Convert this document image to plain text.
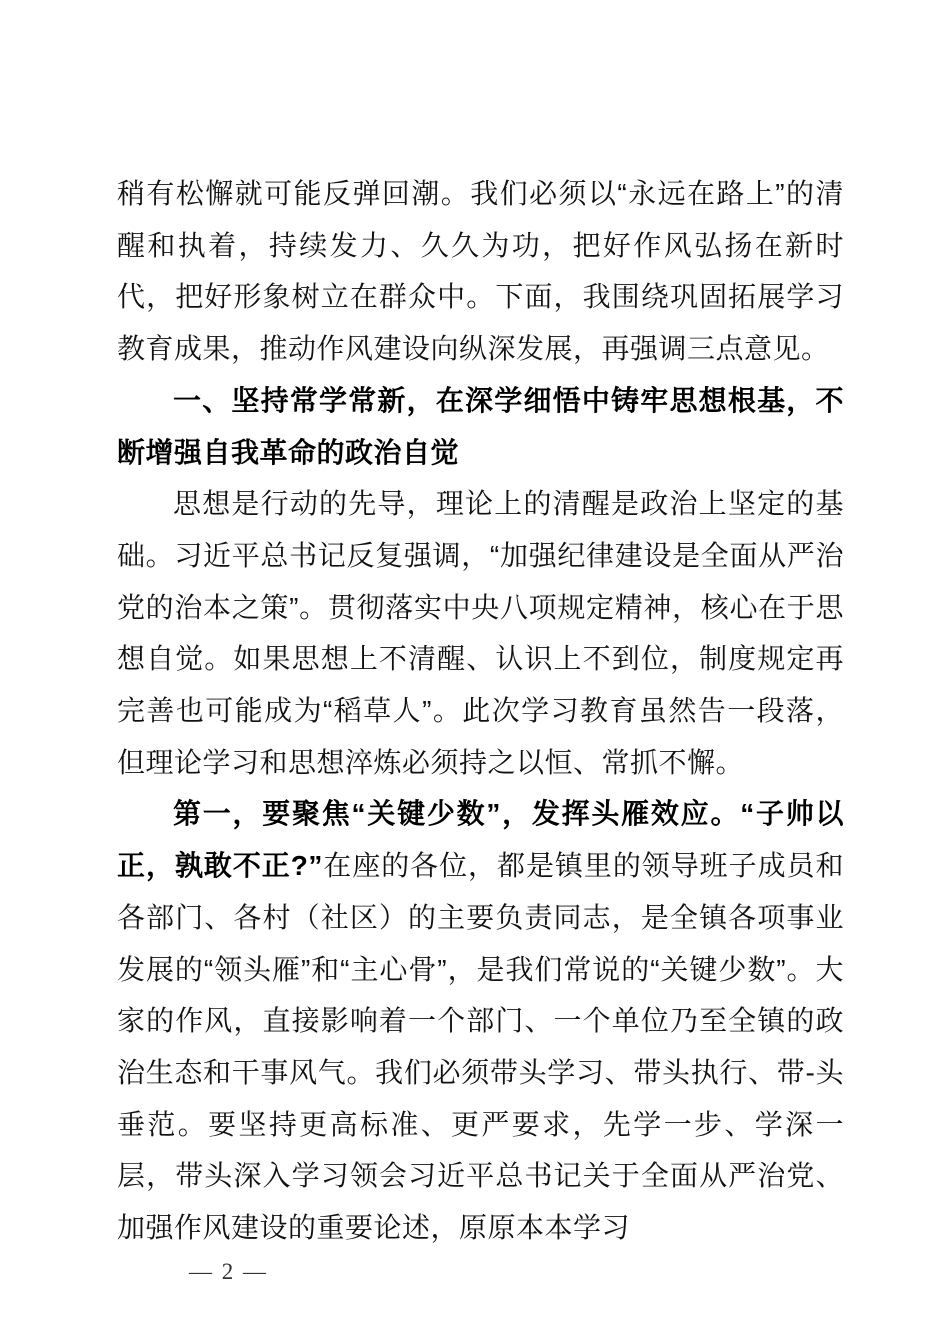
稍有松懈就可能反弹回潮。我们必须以“永远在路上”的清醒和执着，持续发力、久久为功，把好作风弘扬在新时代，把好形象树立在群众中。下面，我围绕巩固拓展学习教育成果，推动作风建设向纵深发展，再强调三点意见。

一、坚持常学常新，在深学细悟中铸牢思想根基，不断增强自我革命的政治自觉

思想是行动的先导，理论上的清醒是政治上坚定的基础。习近平总书记反复强调，“加强纪律建设是全面从严治党的治本之策”。贯彻落实中央八项规定精神，核心在于思想自觉。如果思想上不清醒、认识上不到位，制度规定再完善也可能成为“稻草人”。此次学习教育虽然告一段落，但理论学习和思想淬炼必须持之以恒、常抓不懈。

第一，要聚焦“关键少数”，发挥头雁效应。“子帅以正，孰敢不正?”在座的各位，都是镇里的领导班子成员和各部门、各村（社区）的主要负责同志，是全镇各项事业发展的“领头雁”和“主心骨”，是我们常说的“关键少数”。大家的作风，直接影响着一个部门、一个单位乃至全镇的政治生态和干事风气。我们必须带头学习、带头执行、带-头垂范。要坚持更高标准、更严要求，先学一步、学深一层，带头深入学习领会习近平总书记关于全面从严治党、加强作风建设的重要论述，原原本本学习

— 2 —
